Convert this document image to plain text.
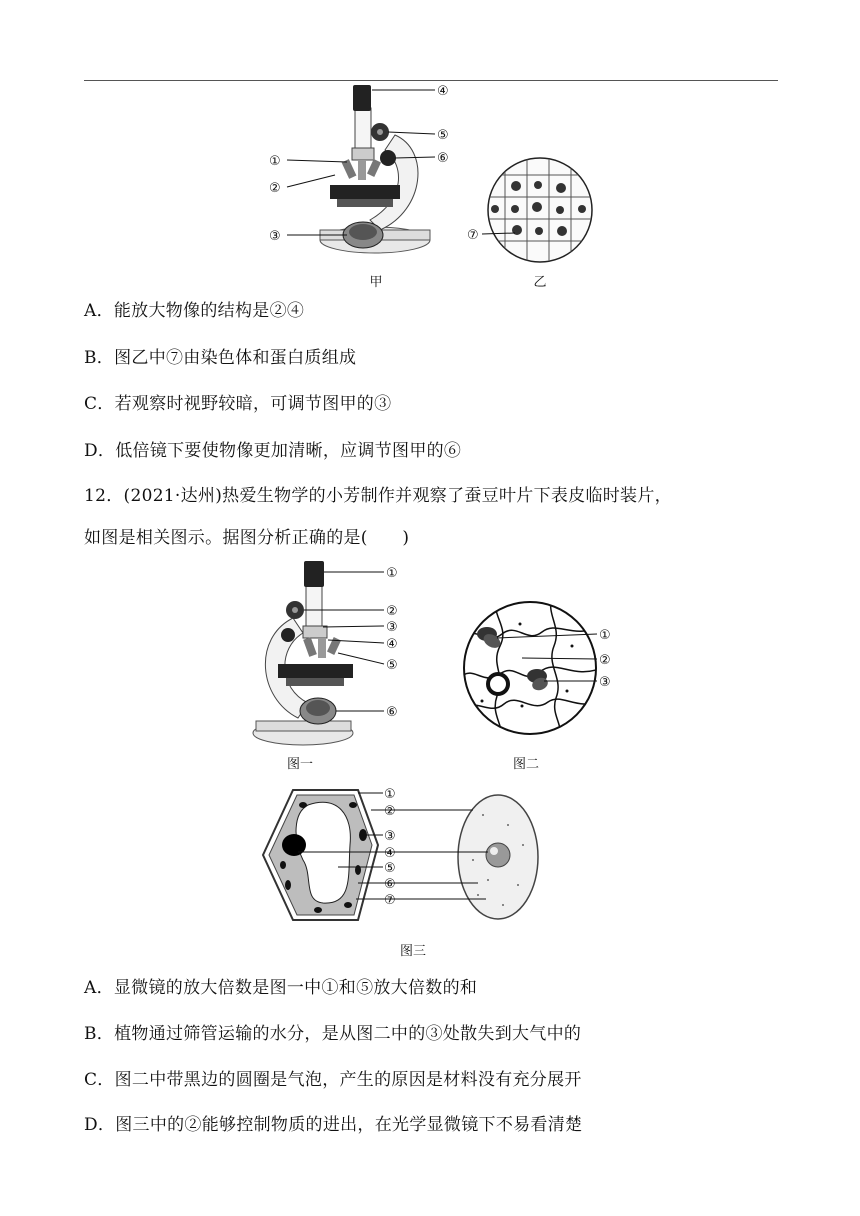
④
⑤
⑥
①
②
③	⑦
甲	乙
A．能放大物像的结构是②④
B．图乙中⑦由染色体和蛋白质组成
C．若观察时视野较暗，可调节图甲的③
D．低倍镜下要使物像更加清晰，应调节图甲的⑥
12．(2021·达州)热爱生物学的小芳制作并观察了蚕豆叶片下表皮临时装片，
如图是相关图示。据图分析正确的是(　　)
①
②
③
④
⑤
⑥
图一
①
②
③
图二
①
②
③
④
⑤
⑥
⑦
图三
A．显微镜的放大倍数是图一中①和⑤放大倍数的和
B．植物通过筛管运输的水分，是从图二中的③处散失到大气中的
C．图二中带黑边的圆圈是气泡，产生的原因是材料没有充分展开
D．图三中的②能够控制物质的进出，在光学显微镜下不易看清楚
